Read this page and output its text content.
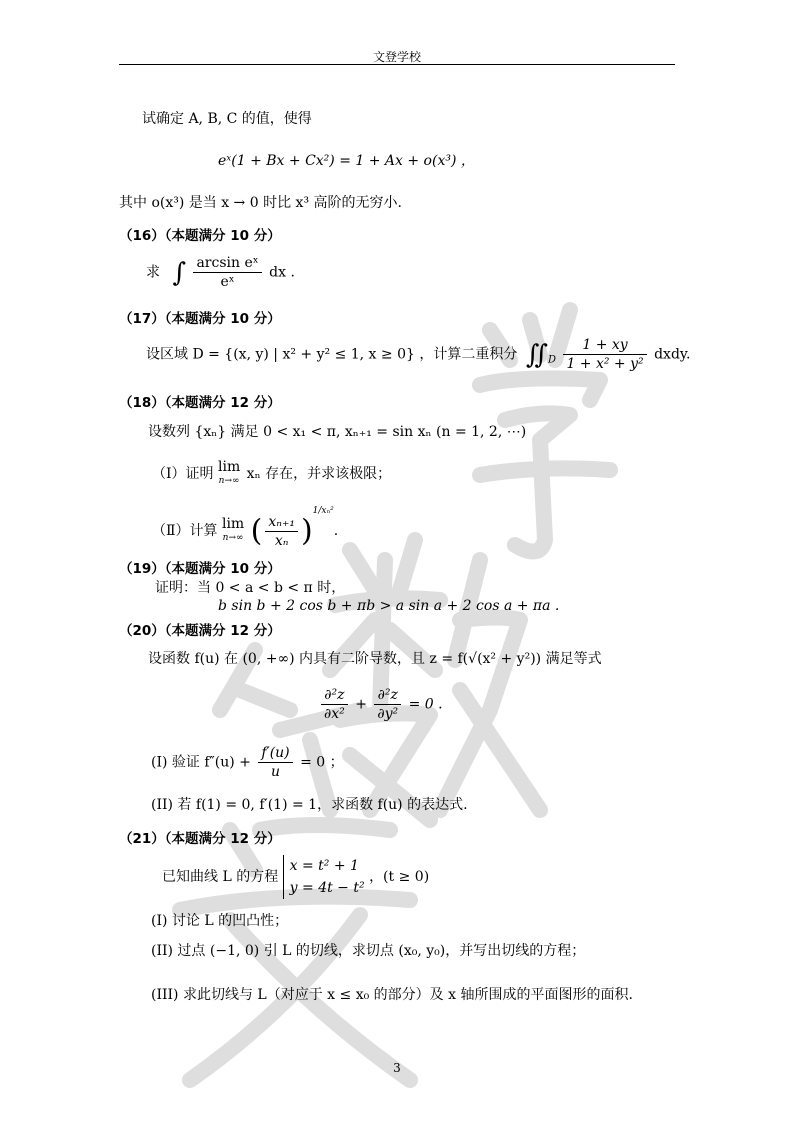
文登学校
试确定 A, B, C 的值，使得
eˣ(1 + Bx + Cx²) = 1 + Ax + o(x³) ，
其中 o(x³) 是当 x → 0 时比 x³ 高阶的无穷小.
（16）（本题满分 10 分）
求 ∫ $\frac{\text{arcsin eˣ}}{\text{eˣ}}$ dx .
（17）（本题满分 10 分）
设区域 D = {(x, y) | x² + y² ≤ 1, x ≥ 0} ，计算二重积分 $∬_D \frac{1 + xy}{\text{1 + x² + y²}}$ dxdy.
（18）（本题满分 12 分）
设数列 {xₙ} 满足 0 < x₁ < π, xₙ₊₁ = sin xₙ (n = 1, 2, ⋯)
（Ⅰ）证明 lim
n→∞ xₙ 存在，并求该极限；
（Ⅱ）计算 lim
n→∞ ( $\frac{\text{xₙ₊₁}}{\text{xₙ}} )^{1/x_n^2}$.
（19）（本题满分 10 分）
证明：当 0 < a < b < π 时，
b sin b + 2 cos b + πb > a sin a + 2 cos a + πa .
（20）（本题满分 12 分）
设函数 f(u) 在 (0, +∞) 内具有二阶导数，且 z = f(√(x² + y²)) 满足等式
$\frac{\text{∂²z}}{\text{∂x²}} + \frac{\text{∂²z}}{\text{∂y²}} = 0$ .
(I) 验证 $f''(u) + \frac{f'(u)}{u} = 0$ ；
(II) 若 f(1) = 0, f′(1) = 1，求函数 f(u) 的表达式.
（21）（本题满分 12 分）
已知曲线 L 的方程
x = t² + 1
y = 4t − t²
，(t ≥ 0)
(I) 讨论 L 的凹凸性；
(II) 过点 (−1, 0) 引 L 的切线，求切点 (x₀, y₀)，并写出切线的方程；
(III) 求此切线与 L（对应于 x ≤ x₀ 的部分）及 x 轴所围成的平面图形的面积.
3
